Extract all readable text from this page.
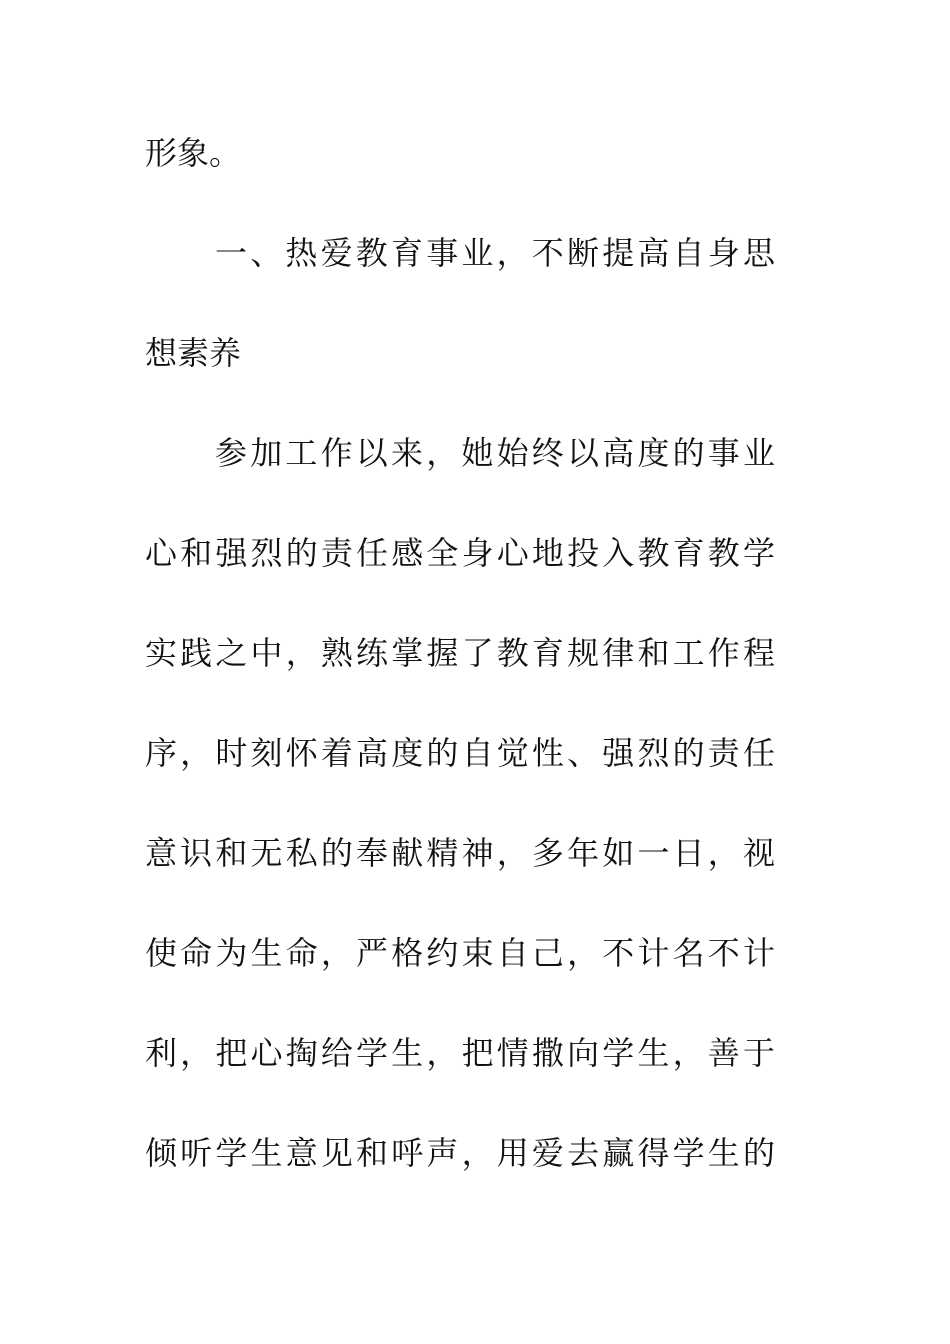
形象。
一、热爱教育事业，不断提高自身思
想素养
参加工作以来，她始终以高度的事业
心和强烈的责任感全身心地投入教育教学
实践之中，熟练掌握了教育规律和工作程
序，时刻怀着高度的自觉性、强烈的责任
意识和无私的奉献精神，多年如一日，视
使命为生命，严格约束自己，不计名不计
利，把心掏给学生，把情撒向学生，善于
倾听学生意见和呼声，用爱去赢得学生的
